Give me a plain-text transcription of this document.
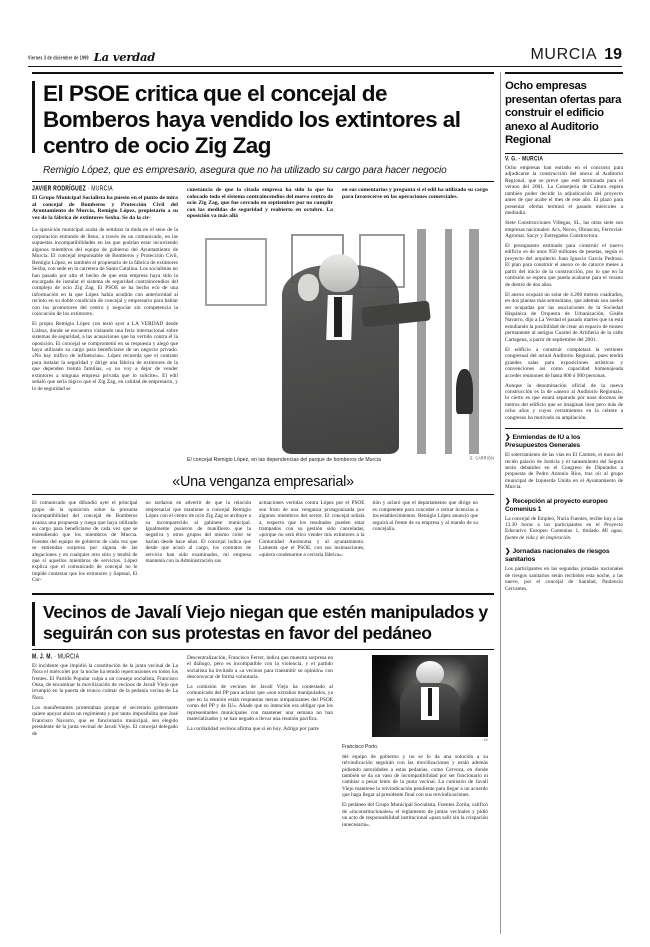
Viernes 3 de diciembre de 1999 La verdad	MURCIA 19
El PSOE critica que el concejal de Bomberos haya vendido los extintores al centro de ocio Zig Zag
Remigio López, que es empresario, asegura que no ha utilizado su cargo para hacer negocio
JAVIER RODRÍGUEZ · MURCIA
El Grupo Municipal Socialista ha puesto en el punto de mira al concejal de Bomberos y Protección Civil del Ayuntamiento de Murcia, Remigio López, propietario a su vez de la fábrica de extintores Sexba. Se da la cir-
cunstancia de que la citada empresa ha sido la que ha colocado todo el sistema contraincendios del nuevo centro de ocio Zig Zag, que fue cerrado en septiembre por no cumplir con las medidas de seguridad y reabierto en octubre. La oposición va más allá
en sus comentarios y pregunta si el edil ha utilizado su cargo para favorecerse en las operaciones comerciales.

La oposición municipal acaba de sembrar la duda en el seno de la corporación entrando de lleno, a través de un comunicado, en las supuestas incompatibilidades en las que podrían estar incurriendo algunos miembros del equipo de gobierno del Ayuntamiento de Murcia. El concejal responsable de Bomberos y Protección Civil, Remigio López, es también el propietario de la fábrica de extintores Sexba, con sede en la carretera de Santa Catalina. Los socialistas no han pasado por alto el hecho de que esta empresa haya sido la encargada de instalar el sistema de seguridad contraincendios del complejo de ocio Zig Zag. El PSOE se ha hecho eco de una información en la que López había acudido con anterioridad al recinto en su doble condición de concejal y empresario para hablar con los promotores del centro y negociar sin competencia la colocación de los extintores.

El propio Remigio López con testó ayer a LA VERDAD desde Lisboa, donde se encuentra visitando una feria internacional sobre sistemas de seguridad, a las acusaciones que ha vertido contra él la oposición. El concejal se comprometió en su respuesta y alegó que haya utilizado su cargo para beneficiarse de un negocio privado. «No hay tráfico de influencias». López recuerda que el contrato para instalar la seguridad y dirige una fábrica de extintores de la que dependen treinta familias, «y no voy a dejar de vender extintores a ninguna empresa privada que lo solicite». El edil señaló que sería lógico que el Zig Zag, en calidad de empresario, y lo de seguridad se

G. CARRIÓN
El concejal Remigio López, en las dependencias del parque de bomberos de Murcia
«Una venganza empresarial»
El comunicado que difundió ayer el principal grupo de la oposición sobre la presunta incompatibilidad del concejal de Bomberos avanza una propuesta y ruega que haya utilizado su cargo para beneficiarse de cada vez que se entendiendo que los miembros de Murcia. Fuentes del equipo de gobierno de cada vez que se entiendan sorpresa por alguna de las alegaciones y en cualquier otro sitio y tendrá de que si aquellos miembros de servicios. López explica que el comunicado de concejal no le impide contestar que los extintores y Sapesal, El Cor-
no tardaron en advertir de que la relación empresarial que mantiene a concejal Remigio López con el centro de ocio Zig Zag se atribuye a su incomparecido al gabinete municipal. Igualmente pusieron de manifiesto que la negativa y otros grupos del mismo color se harían desde hace años. El concejal indica que desde que acusó al cargo, los contratos de servicio han sido examinados, mi empresa mantenía con la Administración sus
actuaciones vertidas contra López por el PSOE son fruto de una venganza protagonizada por algunos miembros del sector. El concejal señala a, respecto que los resultados pueden estar trampados con su gestión sido canceladas, «porque no será ético vender mis extintores a la Comunidad Autónoma y al ayuntamiento. Lamenta que el PSOE, con sus insinuaciones, «quiera condenarme a cerrarla fábrica».
tión y aclaró que el departamento que dirige no es competente para conceder o retirar licencias a los establecimientos. Remigio López anunció que seguirá al frente de su empresa y al mando de su concejalía.
Vecinos de Javalí Viejo niegan que estén manipulados y seguirán con sus protestas en favor del pedáneo
M. J. M. · MURCIA

El incidente que impidió la constitución de la junta vecinal de La Ñora el miércoles por la noche ha tenido repercusiones en todos los frentes. El Partido Popular culpa a un consejo socialista, Francisco Onsa, de encaminar la movilización de vecinos de Javalí Viejo que irrumpió en la puerta de trunco colmar de la pedanía vecina de La Ñora.

Los manifestantes protestaban porque el secretario gobernante quiere apoyar ahora un regimiento y por tanto imposibilita que José Francisco Navarro, que es funcionario municipal, sea elegido presidente de la junta vecinal de Javalí Viejo. El concejal delegado de

Descentralización, Francisco Ferrer, indica que muestra sorpresa en el diálogo, pero es incompatible con la violencia, y el partido socialista ha invitado a «a vecinos para transmitir su opinión» con desconvocar de forma voluntaria.

La comisión de vecinos de Javalí Viejo ha contestado al comunicado del PP para aclarar que «son extraños manipulados, ya que en la reunión están respuestas meras simpatizantes del PSOE como del PP y de IU». Añade que su intención era obligar que los representantes municipales con mantener una semana no han materializados y se han negado a llevar una reunión pacífica.

La cordialidad vecinos afirma que si en hoy. Adrigo por parte

LV
Francisco Porto.

del equipo de gobierno y no se lo da una solución a su reivindicación seguirán con las movilizaciones y están además pidiendo autoridades a estas pedanías, como Cerveza, en donde también se da un vaso de incompatibilidad por ser funcionario ni cambiar a pesar lento de la junta vecinal. La comisión de Javalí Viejo mantiene la reivindicación pendiente para llegar a un acuerdo que haga llegar al presidente final con sus reivindicaciones.

El pedáneo del Grupo Municipal Socialista, Fuentes Zorita, calificó de «inconstitucionales» el reglamento de juntas vecinales y pidió un acto de responsabilidad institucional «para salir sin la crispación innecesaria».

Ocho empresas presentan ofertas para construir el edificio anexo al Auditorio Regional
V. G. · MURCIA

Ocho empresas han entrado en el concurso para adjudicarse la construcción del anexo al Auditorio Regional, que se prevé que esté terminado para el verano del 2001. La Consejería de Cultura espera también poder decidir la adjudicación del proyecto antes de que acabe el mes de este año. El plazo para presentar ofertas terminó el pasado miércoles a mediodía.

Siete Construcciones Villegas, SL, las otras siete son empresas nacionales: Acs, Necso, Obrascon, Ferrovial-Agromar, Sacyr y Entregados Constructora.

El presupuesto estimado para construir el nuevo edificio es de unos 950 millones de pesetas, según el proyecto del arquitecto Juan Ignacio García Pedrosa. El plan para construir el anexo ce de catorce meses a partir del inicio de la construcción, por lo que en la comisión se espera que pueda acabarse para el verano de dentro de dos años.

El anexo ocupará un solar de 4.200 metros cuadrados, en dos plantas más semisótano, que además son suelos ser ocupadas por las asociaciones de la Sociedad Hispánica de Orquesta de Urbanización, Gisèle Navarro, dijo a La Verdad el pasado martes que su está estudiando la posibilidad de crear un espacio de museo permanente al antiguo Cuartel de Artillería de la calle Cartagena, a partir de septiembre del 2001.

El edificio a construir completará la vertiente congresual del actual Auditorio Regional, pues tendrá grandes salas para exposiciones artísticas y convenciones así como capacidad homenajeada acceder reuniones de hasta 800 ó 900 personas.

Aunque la denominación oficial de la nueva construcción es la de «anexo al Auditorio Regional», lo cierto es que estará separado por unas docenas de metros del edificio que se imaginan bien pero más de ocho años y cuyos cerramientos en la celeste a congresos ha motivado su ampliación.

❯ Enmiendas de IU a los Presupuestos Generales
El soterramiento de las vías en El Carmen, el muro del recién palacio de Justicia y el saneamiento del Segura serán debatidos en el Congreso de Diputados a propuesta de Pedro Antonio Ríos, tras oír al grupo municipal de Izquierda Unida en el Ayuntamiento de Murcia.
❯ Recepción al proyecto europeo Comenius 1
La concejal de Empleo, Nuria Fuentes, recibe hoy a las 13.30 horas a los participantes en el Proyecto Educativo Europeo Comenius 1, titulado Mi agua, fuente de vida y de inspiración.
❯ Jornadas nacionales de riesgos sanitarios
Los participantes en las segundas jornadas nacionales de riesgos sanitarios serán recibidos esta noche, a las nueve, por el concejal de Sanidad, Paulencio Cervantes.
